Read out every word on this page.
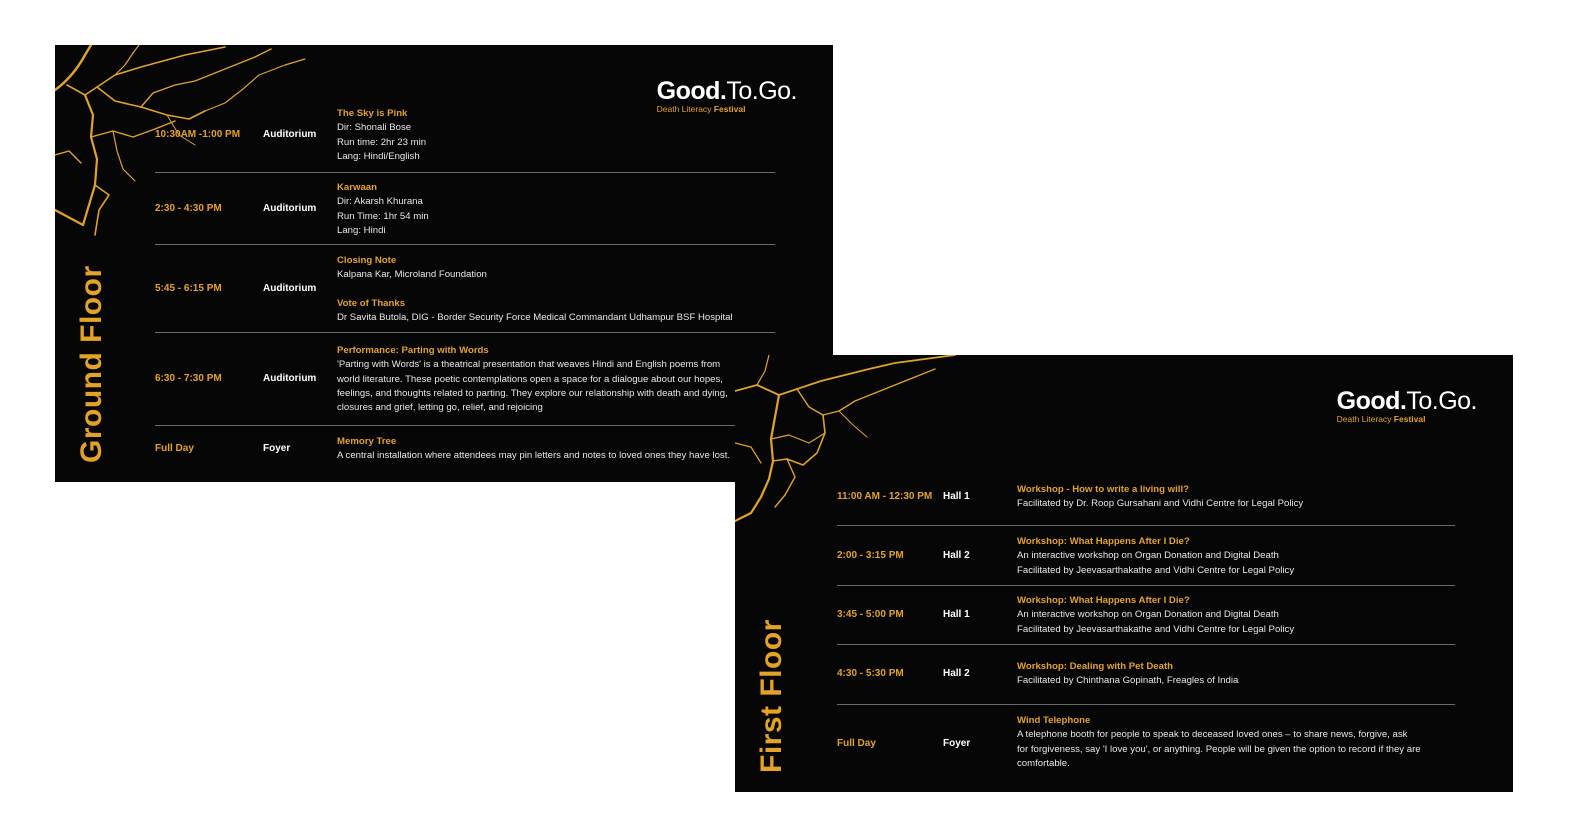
Good.To.Go.
Death Literacy Festival
Ground Floor
10:30AM -1:00 PM Auditorium
The Sky is Pink
Dir: Shonali Bose
Run time: 2hr 23 min
Lang: Hindi/English
2:30 - 4:30 PM	Auditorium
Karwaan
Dir: Akarsh Khurana
Run Time: 1hr 54 min
Lang: Hindi
5:45 - 6:15 PM	Auditorium
Closing Note
Kalpana Kar, Microland Foundation
Vote of Thanks
Dr Savita Butola, DIG - Border Security Force Medical Commandant Udhampur BSF Hospital
6:30 - 7:30 PM	Auditorium
Performance: Parting with Words
'Parting with Words' is a theatrical presentation that weaves Hindi and English poems from
world literature. These poetic contemplations open a space for a dialogue about our hopes,
feelings, and thoughts related to parting. They explore our relationship with death and dying,
closures and grief, letting go, relief, and rejoicing
Full Day	Foyer
Memory Tree
A central installation where attendees may pin letters and notes to loved ones they have lost.
Good.To.Go.
Death Literacy Festival
First Floor
11:00 AM - 12:30 PM Hall 1
Workshop - How to write a living will?
Facilitated by Dr. Roop Gursahani and Vidhi Centre for Legal Policy
2:00 - 3:15 PM	Hall 2
Workshop: What Happens After I Die?
An interactive workshop on Organ Donation and Digital Death
Facilitated by Jeevasarthakathe and Vidhi Centre for Legal Policy
3:45 - 5:00 PM	Hall 1
Workshop: What Happens After I Die?
An interactive workshop on Organ Donation and Digital Death
Facilitated by Jeevasarthakathe and Vidhi Centre for Legal Policy
4:30 - 5:30 PM	Hall 2
Workshop: Dealing with Pet Death
Facilitated by Chinthana Gopinath, Freagles of India
Full Day	Foyer
Wind Telephone
A telephone booth for people to speak to deceased loved ones – to share news, forgive, ask
for forgiveness, say 'I love you', or anything. People will be given the option to record if they are
comfortable.
